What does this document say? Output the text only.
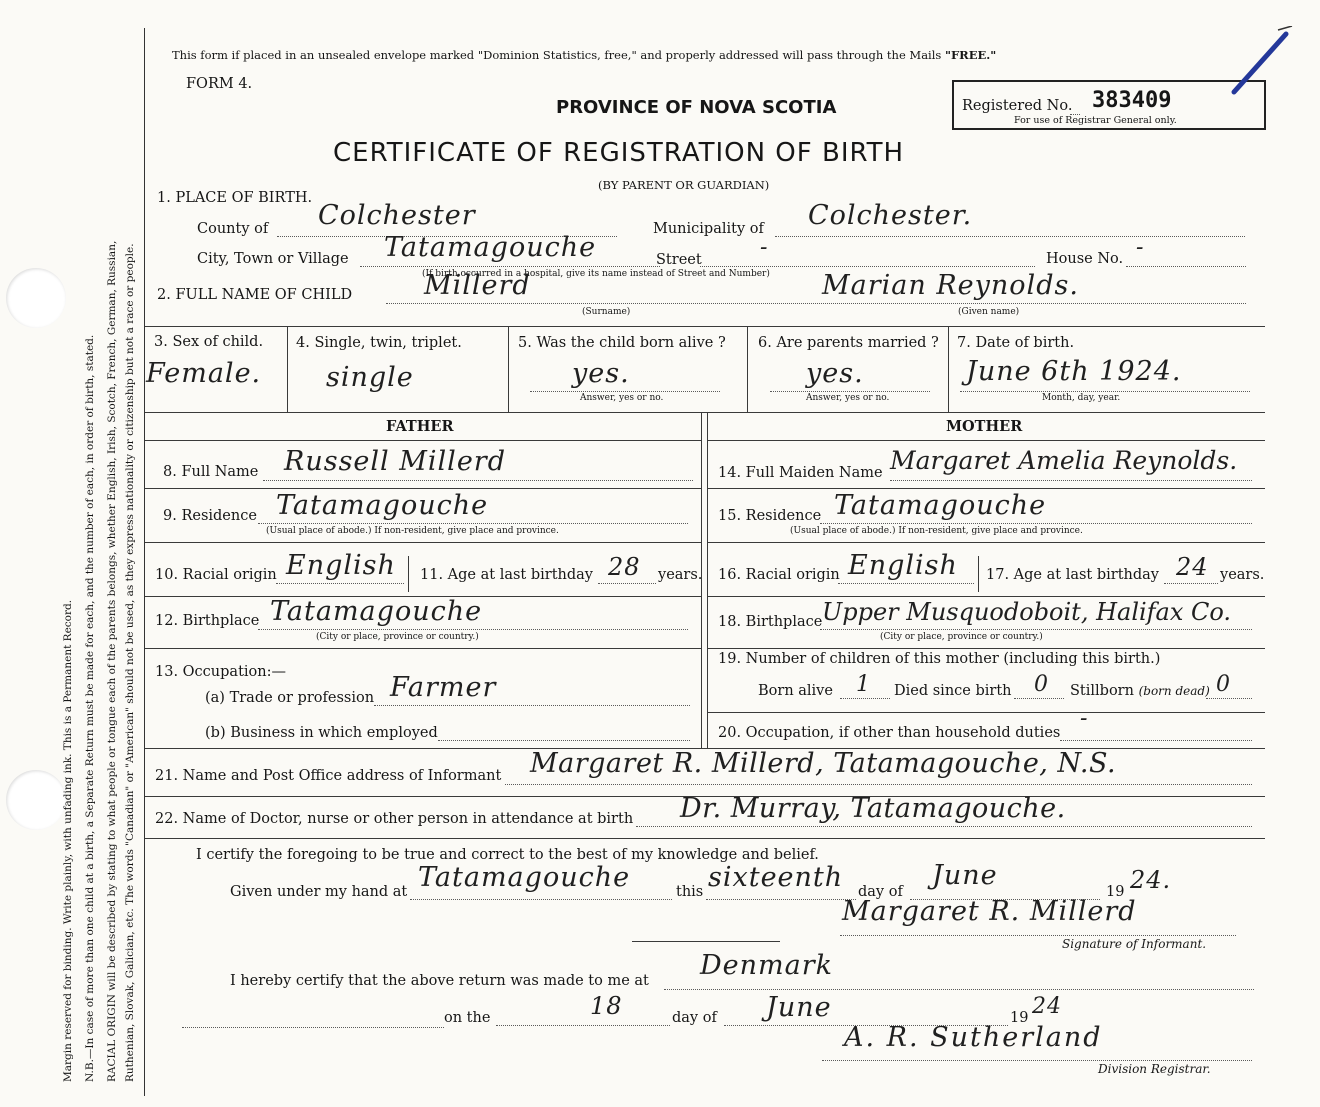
Margin reserved for binding. Write plainly, with unfading ink. This is a Permanent Record. N.B.—In case of more than one child at a birth, a Separate Return must be made for each, and the number of each, in order of birth, stated. RACIAL ORIGIN will be described by stating to what people or tongue each of the parents belongs, whether English, Irish, Scotch, French, German, Russian, Ruthenian, Slovak, Galician, etc. The words "Canadian" or "American" should not be used, as they express nationality or citizenship but not a race or people.
This form if placed in an unsealed envelope marked "Dominion Statistics, free," and properly addressed will pass through the Mails "FREE."
FORM 4.
PROVINCE OF NOVA SCOTIA	Registered No. 383409
For use of Registrar General only.
CERTIFICATE OF REGISTRATION OF BIRTH
(BY PARENT OR GUARDIAN)
1. PLACE OF BIRTH.
County of Colchester	Municipality of Colchester.
City, Town or Village Tatamagouche	Street	-	House No. -
(If birth occurred in a hospital, give its name instead of Street and Number)
2. FULL NAME OF CHILD	Millerd	Marian Reynolds.
(Surname)	(Given name)
3. Sex of child.
Female.
4. Single, twin, triplet.
single
5. Was the child born alive ?
yes.
Answer, yes or no.
6. Are parents married ?
yes.
Answer, yes or no.
7. Date of birth.
June 6th 1924.
Month, day, year.
FATHER	MOTHER
8. Full Name Russell Millerd
9. Residence Tatamagouche
(Usual place of abode.) If non-resident, give place and province.
10. Racial origin English 11. Age at last birthday 28 years.
12. Birthplace Tatamagouche
(City or place, province or country.)
13. Occupation:—
(a) Trade or profession Farmer
(b) Business in which employed
14. Full Maiden Name Margaret Amelia Reynolds.
15. Residence Tatamagouche
(Usual place of abode.) If non-resident, give place and province.
16. Racial origin English 17. Age at last birthday 24 years.
18. Birthplace Upper Musquodoboit, Halifax Co.
(City or place, province or country.)
19. Number of children of this mother (including this birth.)
Born alive 1 Died since birth 0 Stillborn (born dead) 0
20. Occupation, if other than household duties
-
21. Name and Post Office address of Informant Margaret R. Millerd, Tatamagouche, N.S.
22. Name of Doctor, nurse or other person in attendance at birth Dr. Murray, Tatamagouche.
I certify the foregoing to be true and correct to the best of my knowledge and belief.
Given under my hand at Tatamagouche	this sixteenth day of
June
19 24.
Margaret R. Millerd
Signature of Informant.
I hereby certify that the above return was made to me at Denmark
on the	18	day of June	19 24
A. R. Sutherland
Division Registrar.
